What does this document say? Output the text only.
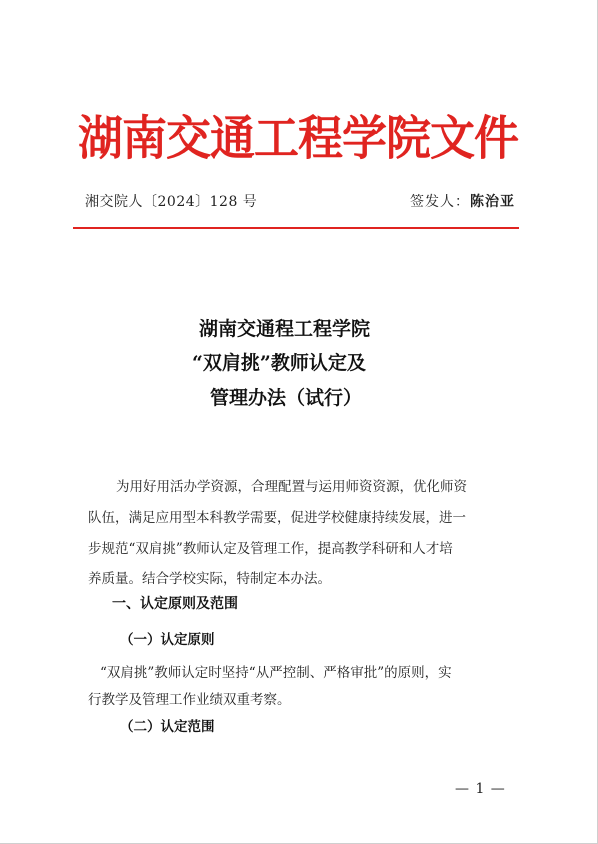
湖南交通工程学院文件
湘交院人〔2024〕128 号	签发人：陈治亚
湖南交通程工程学院
“双肩挑”教师认定及
管理办法（试行）
为用好用活办学资源，合理配置与运用师资资源，优化师资
队伍，满足应用型本科教学需要，促进学校健康持续发展，进一
步规范“双肩挑”教师认定及管理工作，提高教学科研和人才培
养质量。结合学校实际，特制定本办法。
一、认定原则及范围
（一）认定原则
“双肩挑”教师认定时坚持“从严控制、严格审批”的原则，实
行教学及管理工作业绩双重考察。
（二）认定范围
— 1 —
